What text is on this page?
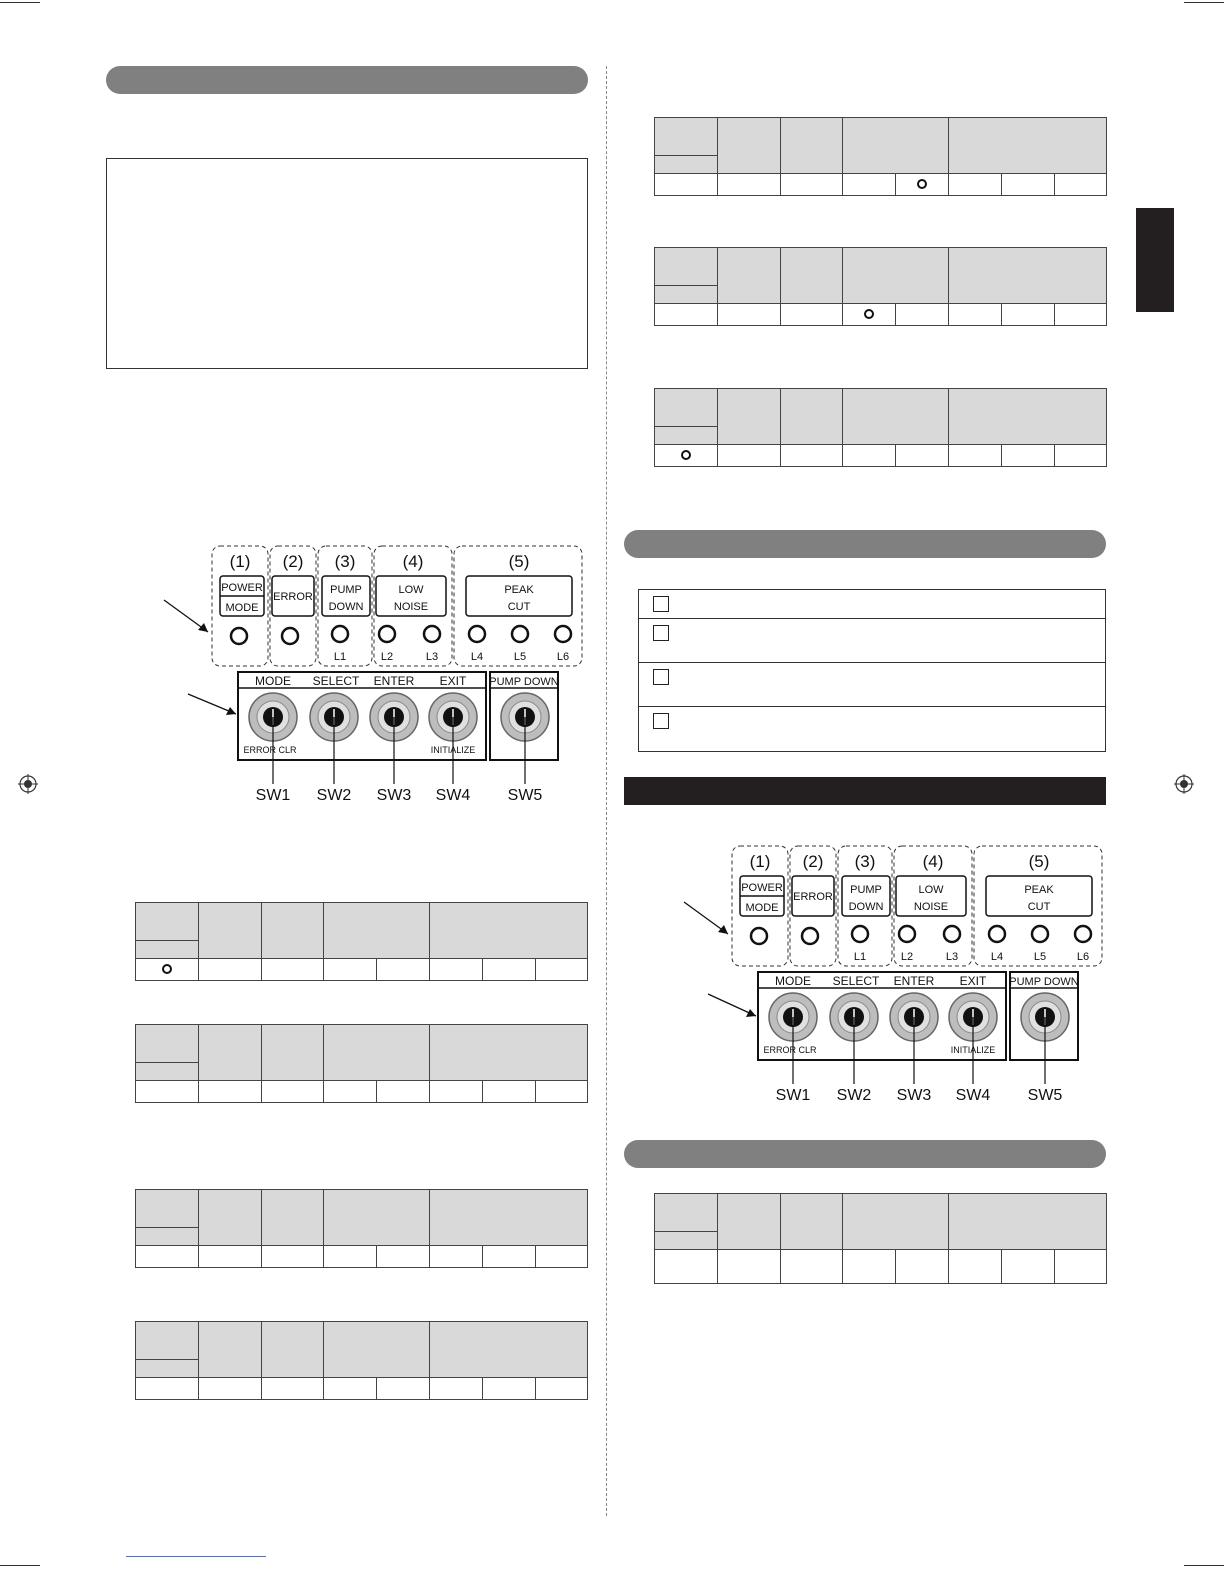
(1) (2) (3)	(4)	(5)
POWER
MODE
ERROR
PUMP
DOWN
LOW
NOISE
PEAK
CUT
L1	L2	L3	L4	L5	L6
MODE SELECT ENTER EXIT PUMP DOWN
ERROR CLR	INITIALIZE
SW1 SW2 SW3 SW4 SW5

(1) (2) (3)	(4)	(5)
POWER
MODE
ERROR
PUMP
DOWN
LOW
NOISE
PEAK
CUT
L1	L2	L3	L4	L5	L6
MODE SELECT ENTER EXIT PUMP DOWN
ERROR CLR	INITIALIZE
SW1 SW2 SW3 SW4 SW5
